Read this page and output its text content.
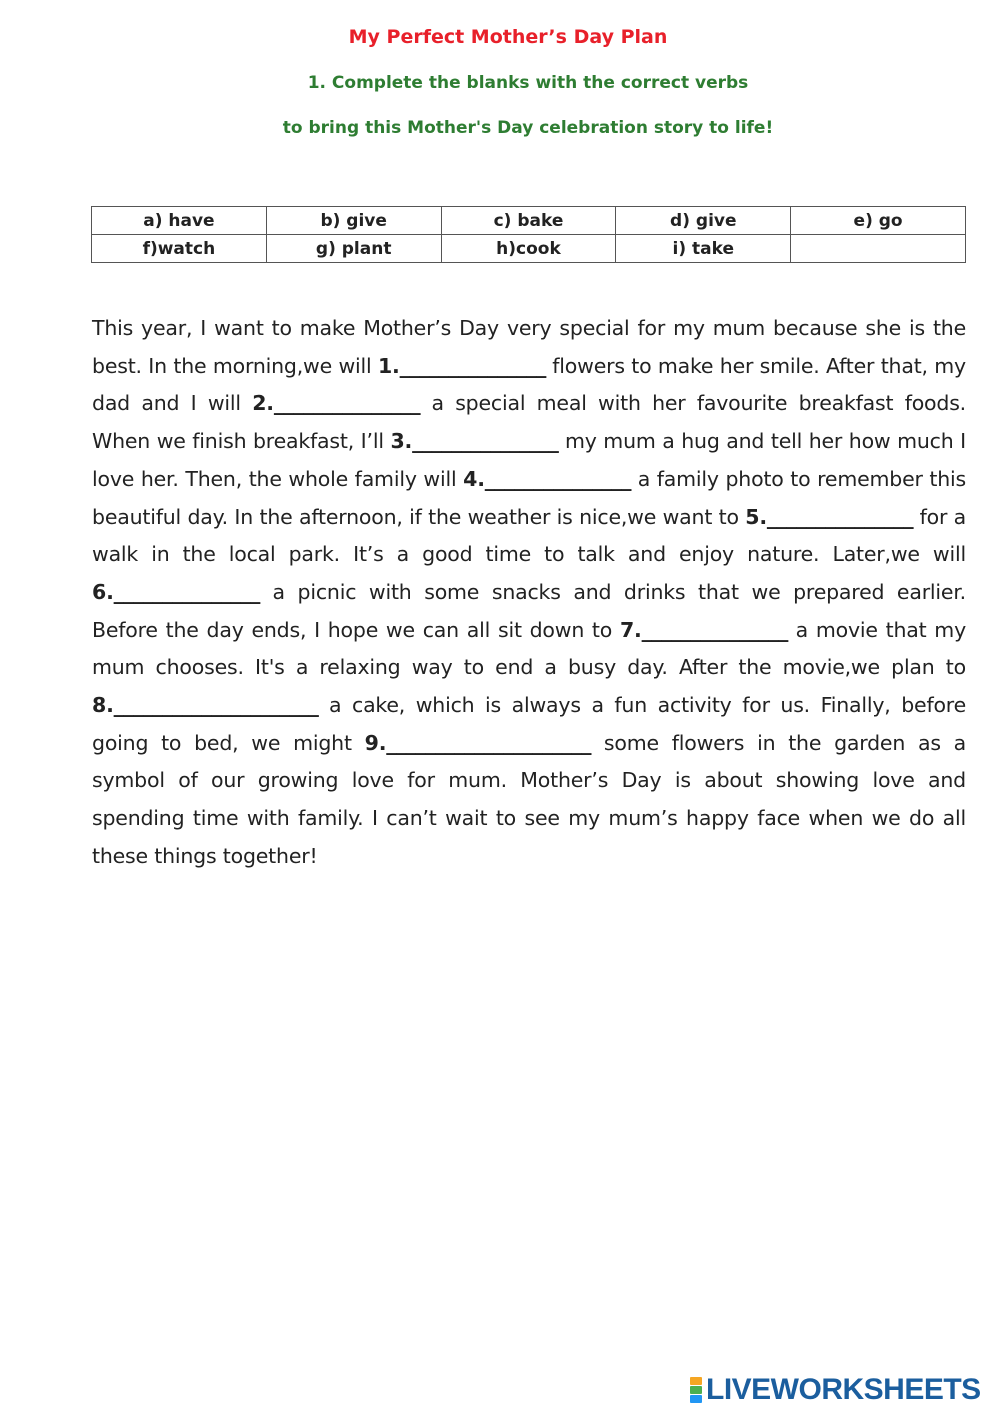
My Perfect Mother’s Day Plan
1. Complete the blanks with the correct verbs
to bring this Mother's Day celebration story to life!
a) have	b) give	c) bake	d) give	e) go
f)watch	g) plant	h)cook	i) take	
This year, I want to make Mother’s Day very special for my mum because she is the best. In the morning,we will 1._______________ flowers to make her smile. After that, my dad and I will 2._______________ a special meal with her favourite breakfast foods. When we finish breakfast, I’ll 3._______________ my mum a hug and tell her how much I love her. Then, the whole family will 4._______________ a family photo to remember this beautiful day. In the afternoon, if the weather is nice,we want to 5._______________ for a walk in the local park. It’s a good time to talk and enjoy nature. Later,we will 6._______________ a picnic with some snacks and drinks that we prepared earlier. Before the day ends, I hope we can all sit down to 7._______________ a movie that my mum chooses. It's a relaxing way to end a busy day. After the movie,we plan to 8._____________________ a cake, which is always a fun activity for us. Finally, before going to bed, we might 9._____________________ some flowers in the garden as a symbol of our growing love for mum. Mother’s Day is about showing love and spending time with family. I can’t wait to see my mum’s happy face when we do all these things together!
LIVEWORKSHEETS
